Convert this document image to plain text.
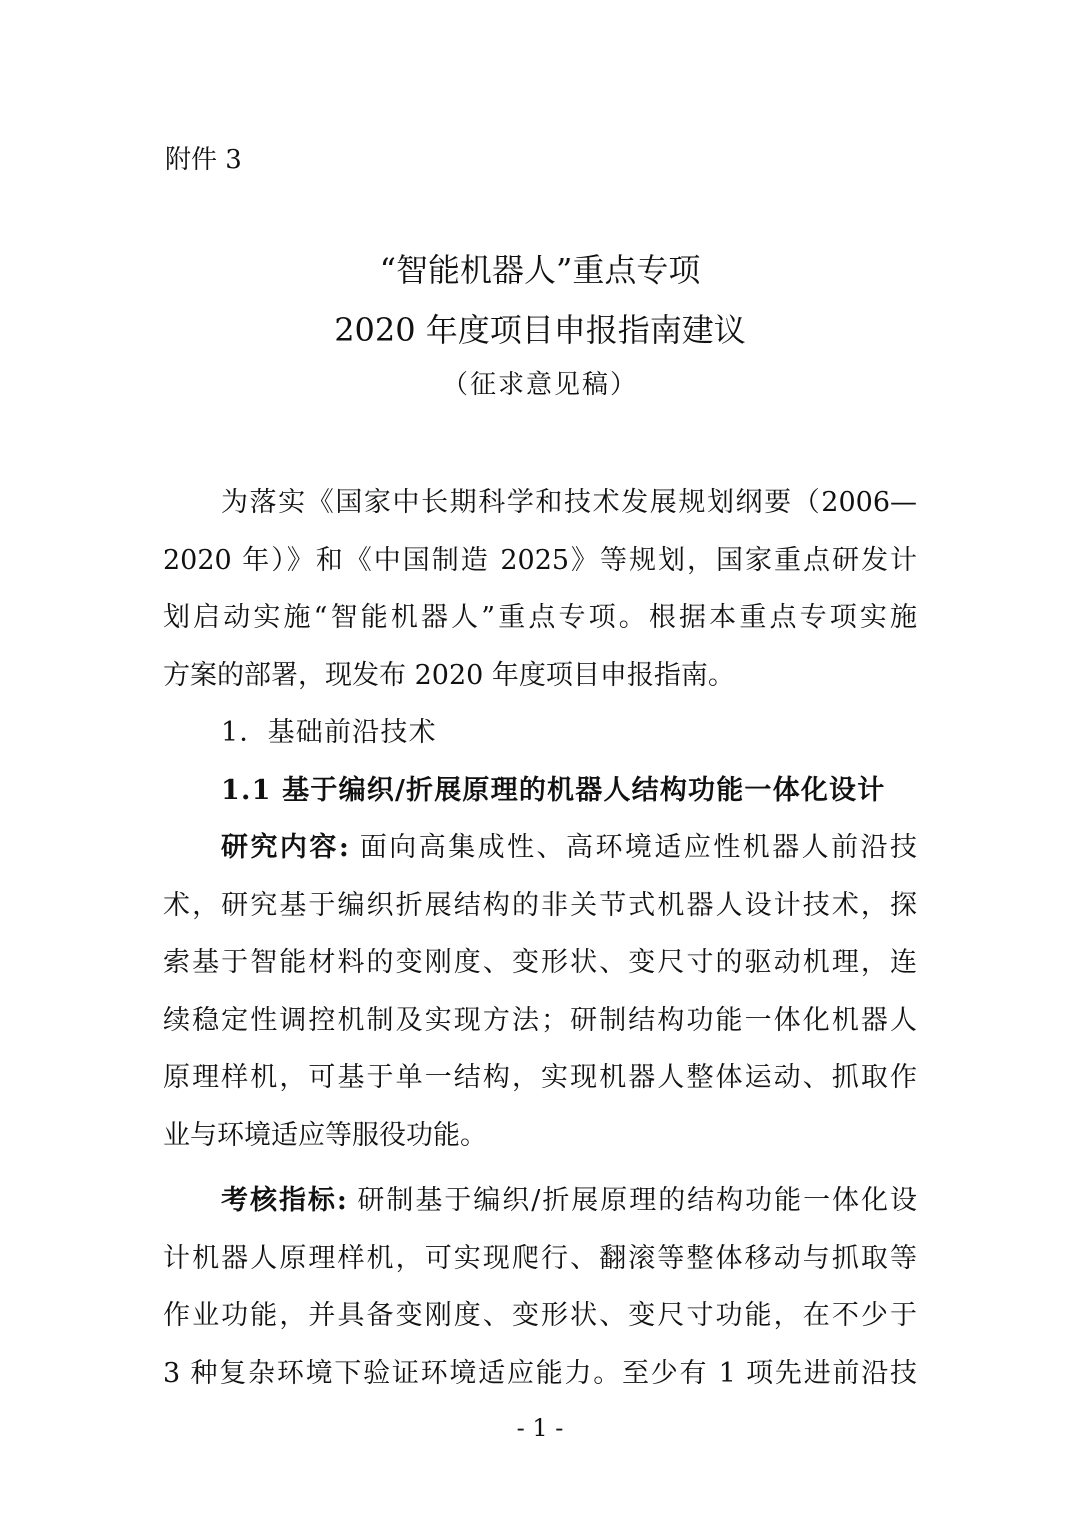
附件 3
“智能机器人”重点专项
2020 年度项目申报指南建议
（征求意见稿）
为落实《国家中长期科学和技术发展规划纲要（2006—
2020 年）》和《中国制造 2025》等规划，国家重点研发计
划启动实施“智能机器人”重点专项。根据本重点专项实施
方案的部署，现发布 2020 年度项目申报指南。
1．基础前沿技术
1.1 基于编织/折展原理的机器人结构功能一体化设计
研究内容: 面向高集成性、高环境适应性机器人前沿技
术，研究基于编织折展结构的非关节式机器人设计技术，探
索基于智能材料的变刚度、变形状、变尺寸的驱动机理，连
续稳定性调控机制及实现方法；研制结构功能一体化机器人
原理样机，可基于单一结构，实现机器人整体运动、抓取作
业与环境适应等服役功能。
考核指标: 研制基于编织/折展原理的结构功能一体化设
计机器人原理样机，可实现爬行、翻滚等整体移动与抓取等
作业功能，并具备变刚度、变形状、变尺寸功能，在不少于
3 种复杂环境下验证环境适应能力。至少有 1 项先进前沿技
- 1 -
